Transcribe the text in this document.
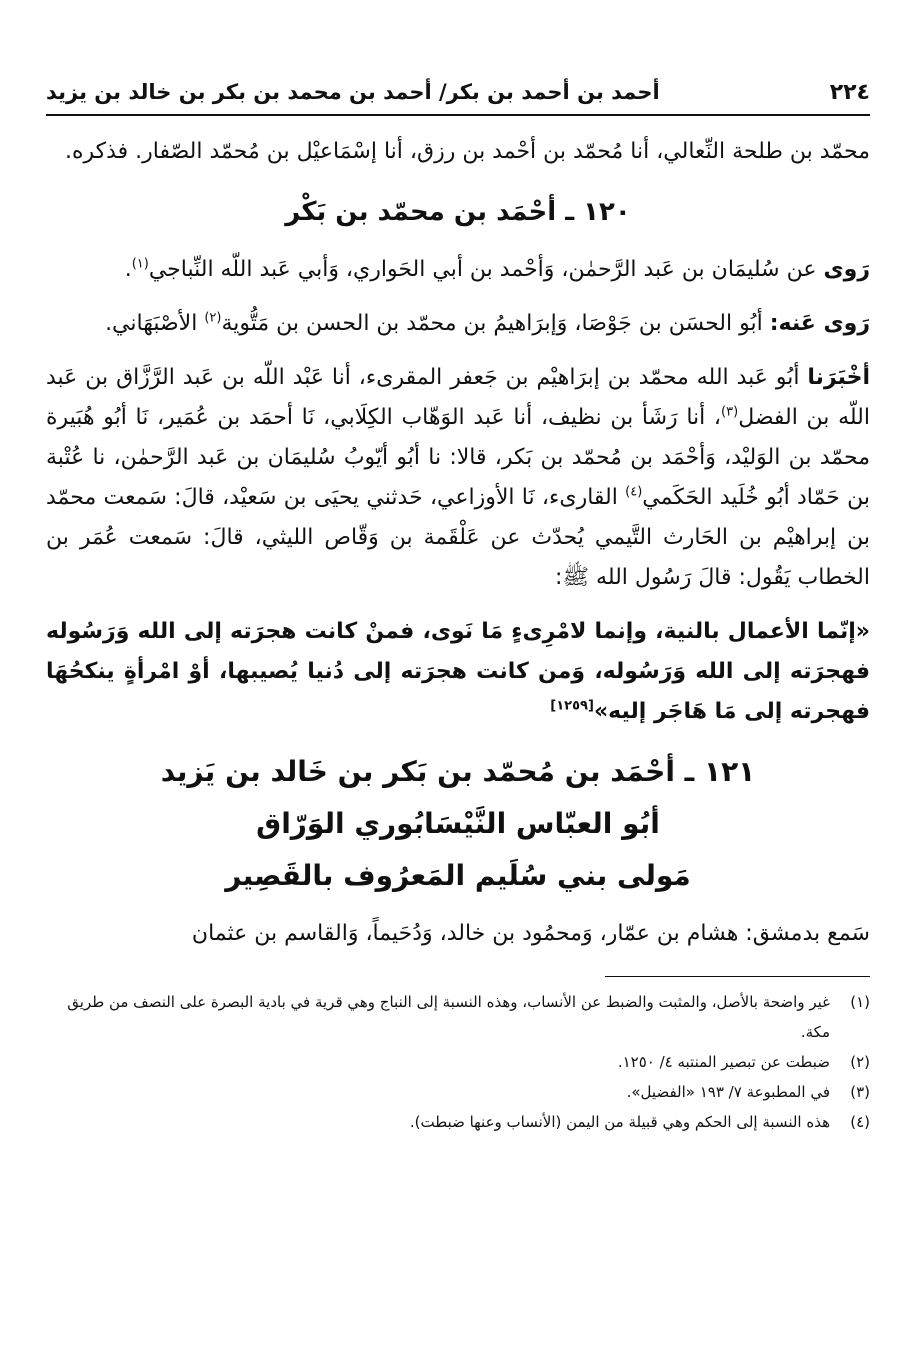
٢٢٤
أحمد بن أحمد بن بكر/ أحمد بن محمد بن بكر بن خالد بن يزيد

محمّد بن طلحة النِّعالي، أنا مُحمّد بن أحْمد بن رزق، أنا إسْمَاعيْل بن مُحمّد الصّفار. فذكره.

١٢٠ ـ أحْمَد بن محمّد بن بَكْر

رَوى عن سُليمَان بن عَبد الرَّحمٰن، وَأحْمد بن أبي الحَواري، وَأبي عَبد اللّه النِّباجي$^{(١)}$.

رَوى عَنه: أبُو الحسَن بن جَوْصَا، وَإبرَاهيمُ بن محمّد بن الحسن بن مَتُّوية$^{(٢)}$ الأصْبَهَاني.

أخْبَرَنا أبُو عَبد الله محمّد بن إبرَاهيْم بن جَعفر المقرىء، أنا عَبْد اللّه بن عَبد الرَّزَّاق بن عَبد اللّه بن الفضل$^{(٣)}$، أنا رَشَأ بن نظيف، أنا عَبد الوَهّاب الكِلَابي، نَا أحمَد بن عُمَير، نَا أبُو هُبَيرة محمّد بن الوَليْد، وَأحْمَد بن مُحمّد بن بَكر، قالا: نا أبُو أيّوبُ سُليمَان بن عَبد الرَّحمٰن، نا عُتْبة بن حَمّاد أبُو خُلَيد الحَكَمي$^{(٤)}$ القارىء، نَا الأوزاعي، حَدثني يحيَى بن سَعيْد، قالَ: سَمعت محمّد بن إبراهيْم بن الحَارث التَّيمي يُحدّث عن عَلْقَمة بن وَقّاص الليثي، قالَ: سَمعت عُمَر بن الخطاب يَقُول: قالَ رَسُول الله ﷺ:

«إنّما الأعمال بالنية، وإنما لامْرِىءٍ مَا نَوى، فمنْ كانت هجرَته إلى الله وَرَسُوله فهجرَته إلى الله وَرَسُوله، وَمن كانت هجرَته إلى دُنيا يُصيبها، أوْ امْرأةٍ ينكحُهَا فهجرته إلى مَا هَاجَر إليه»[١٢٥٩]

١٢١ ـ أحْمَد بن مُحمّد بن بَكر بن خَالد بن يَزيد
أبُو العبّاس النَّيْسَابُوري الوَرّاق
مَولى بني سُلَيم المَعرُوف بالقَصِير

سَمع بدمشق: هشام بن عمّار، وَمحمُود بن خالد، وَدُحَيماً، وَالقاسم بن عثمان

(١)
غير واضحة بالأصل، والمثبت والضبط عن الأنساب، وهذه النسبة إلى النباج وهي قرية في بادية البصرة على النصف من طريق مكة.
(٢)
ضبطت عن تبصير المنتبه ٤/ ١٢٥٠.
(٣)
في المطبوعة ٧/ ١٩٣ «الفضيل».
(٤)
هذه النسبة إلى الحكم وهي قبيلة من اليمن (الأنساب وعنها ضبطت).
